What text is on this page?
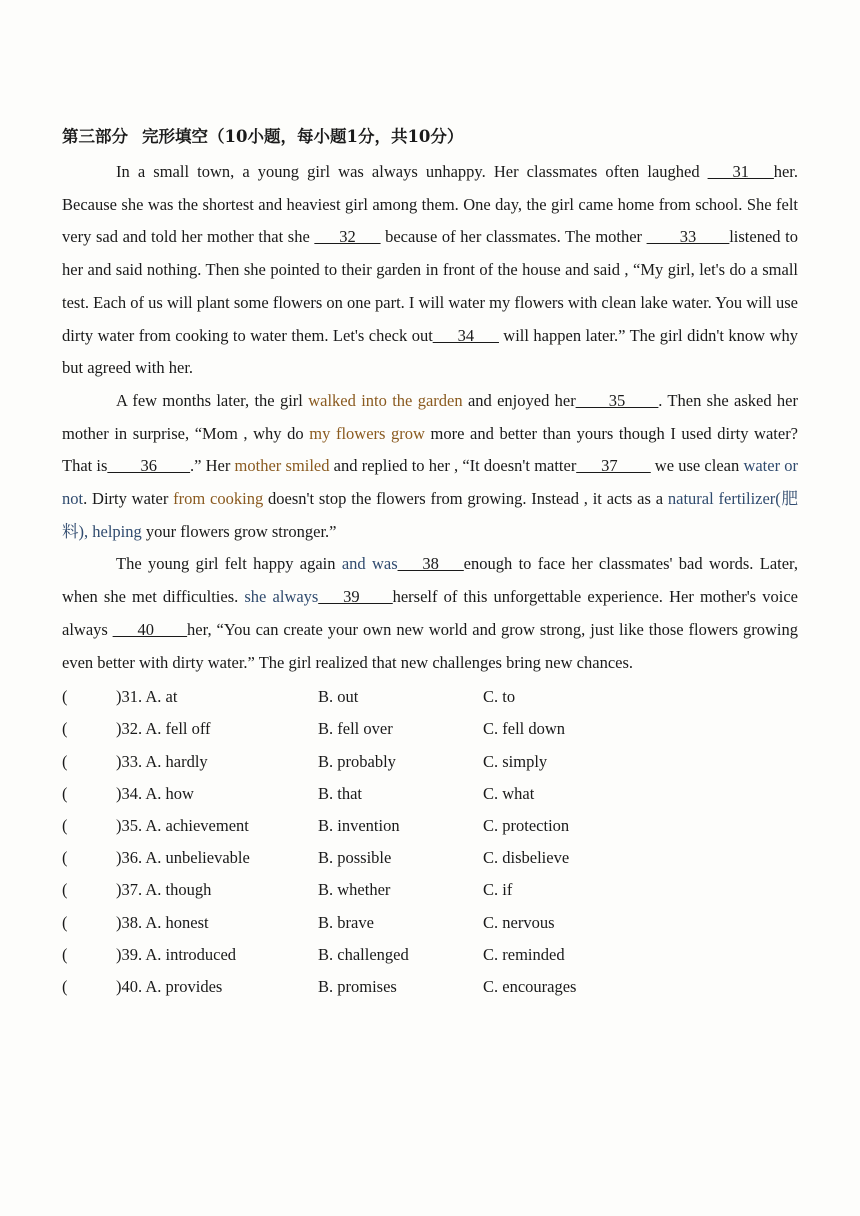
第三部分 完形填空（10小题，每小题1分，共10分）

In a small town, a young girl was always unhappy. Her classmates often laughed ___31___her. Because she was the shortest and heaviest girl among them. One day, the girl came home from school. She felt very sad and told her mother that she ___32___ because of her classmates. The mother ____33____listened to her and said nothing. Then she pointed to their garden in front of the house and said , “My girl, let's do a small test. Each of us will plant some flowers on one part. I will water my flowers with clean lake water. You will use dirty water from cooking to water them. Let's check out___34___ will happen later.” The girl didn't know why but agreed with her.

A few months later, the girl walked into the garden and enjoyed her____35____. Then she asked her mother in surprise, “Mom , why do my flowers grow more and better than yours though I used dirty water? That is____36____.” Her mother smiled and replied to her , “It doesn't matter___37____ we use clean water or not. Dirty water from cooking doesn't stop the flowers from growing. Instead , it acts as a natural fertilizer(肥料), helping your flowers grow stronger.”

The young girl felt happy again and was___38___enough to face her classmates' bad words. Later, when she met difficulties. she always___39____herself of this unforgettable experience. Her mother's voice always ___40____her, “You can create your own new world and grow strong, just like those flowers growing even better with dirty water.” The girl realized that new challenges bring new chances.

(	)31. A. at	B. out	C. to
(	)32. A. fell off	B. fell over	C. fell down
(	)33. A. hardly	B. probably	C. simply
(	)34. A. how	B. that	C. what
(	)35. A. achievement	B. invention	C. protection
(	)36. A. unbelievable	B. possible	C. disbelieve
(	)37. A. though	B. whether	C. if
(	)38. A. honest	B. brave	C. nervous
(	)39. A. introduced	B. challenged	C. reminded
(	)40. A. provides	B. promises	C. encourages
